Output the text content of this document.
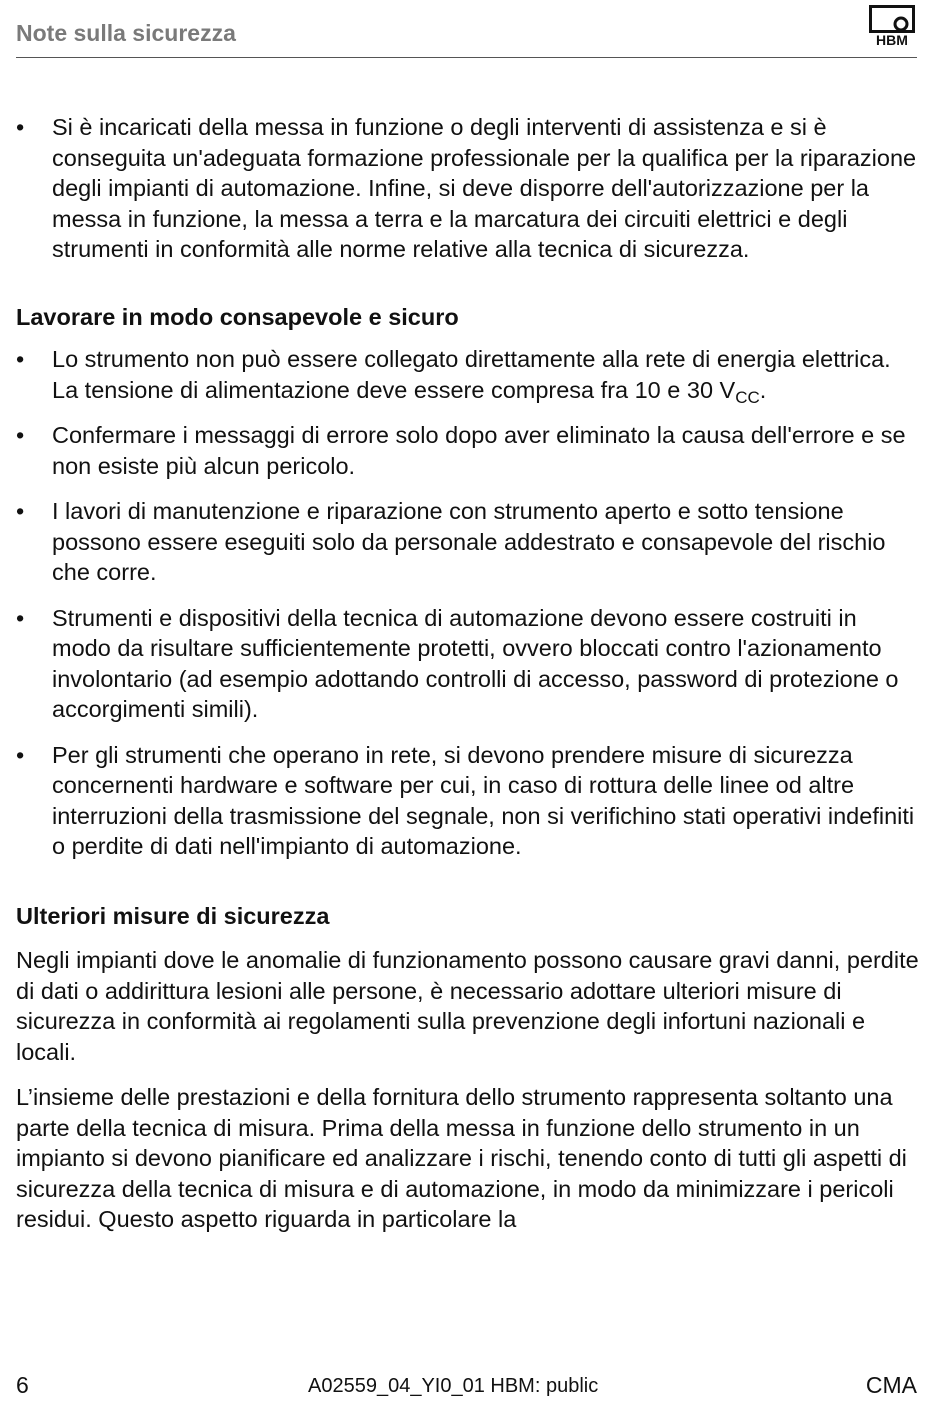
Note sulla sicurezza	HBM
• Si è incaricati della messa in funzione o degli interventi di assistenza e si è conseguita un'adeguata formazione professionale per la qualifica per la riparazione degli impianti di automazione. Infine, si deve disporre dell'autorizzazione per la messa in funzione, la messa a terra e la marcatura dei circuiti elettrici e degli strumenti in conformità alle norme relative alla tecnica di sicurezza.
Lavorare in modo consapevole e sicuro
• Lo strumento non può essere collegato direttamente alla rete di energia elettrica. La tensione di alimentazione deve essere compresa fra 10 e 30 $V_{CC}$.
• Confermare i messaggi di errore solo dopo aver eliminato la causa dell'errore e se non esiste più alcun pericolo.
• I lavori di manutenzione e riparazione con strumento aperto e sotto tensione possono essere eseguiti solo da personale addestrato e consapevole del rischio che corre.
• Strumenti e dispositivi della tecnica di automazione devono essere costruiti in modo da risultare sufficientemente protetti, ovvero bloccati contro l'azionamento involontario (ad esempio adottando controlli di accesso, password di protezione o accorgimenti simili).
• Per gli strumenti che operano in rete, si devono prendere misure di sicurezza concernenti hardware e software per cui, in caso di rottura delle linee od altre interruzioni della trasmissione del segnale, non si verifichino stati operativi indefiniti o perdite di dati nell'impianto di automazione.
Ulteriori misure di sicurezza

Negli impianti dove le anomalie di funzionamento possono causare gravi danni, perdite di dati o addirittura lesioni alle persone, è necessario adottare ulteriori misure di sicurezza in conformità ai regolamenti sulla prevenzione degli infortuni nazionali e locali.

L’insieme delle prestazioni e della fornitura dello strumento rappresenta soltanto una parte della tecnica di misura. Prima della messa in funzione dello strumento in un impianto si devono pianificare ed analizzare i rischi, tenendo conto di tutti gli aspetti di sicurezza della tecnica di misura e di automazione, in modo da minimizzare i pericoli residui. Questo aspetto riguarda in particolare la

6	A02559_04_YI0_01 HBM: public	CMA
